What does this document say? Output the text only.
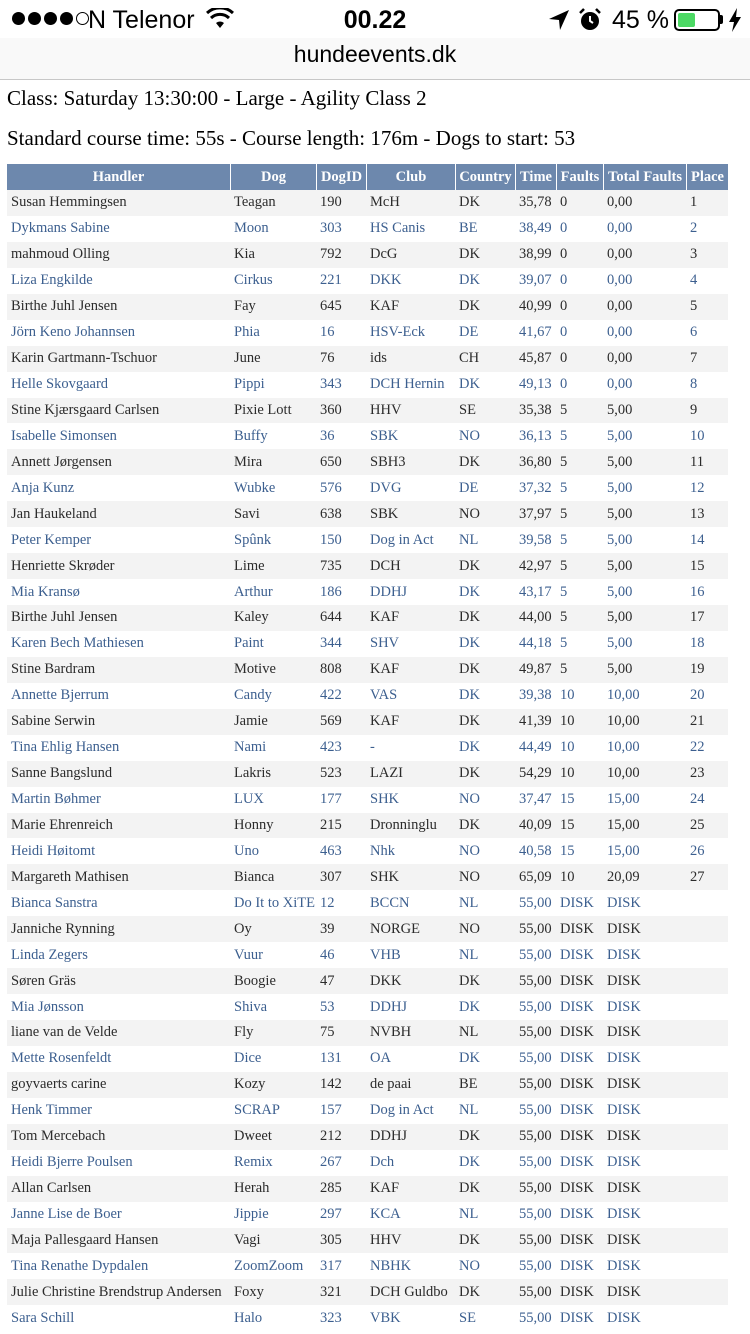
N Telenor	00.22	45 %
hundeevents.dk
Class: Saturday 13:30:00 - Large - Agility Class 2
Standard course time: 55s - Course length: 176m - Dogs to start: 53
Handler	Dog	DogID	Club	Country	Time	Faults	Total Faults	Place
Susan Hemmingsen	Teagan	190	McH	DK	35,78	0	0,00	1
Dykmans Sabine	Moon	303	HS Canis	BE	38,49	0	0,00	2
mahmoud Olling	Kia	792	DcG	DK	38,99	0	0,00	3
Liza Engkilde	Cirkus	221	DKK	DK	39,07	0	0,00	4
Birthe Juhl Jensen	Fay	645	KAF	DK	40,99	0	0,00	5
Jörn Keno Johannsen	Phia	16	HSV-Eck	DE	41,67	0	0,00	6
Karin Gartmann-Tschuor	June	76	ids	CH	45,87	0	0,00	7
Helle Skovgaard	Pippi	343	DCH Hernin	DK	49,13	0	0,00	8
Stine Kjærsgaard Carlsen	Pixie Lott	360	HHV	SE	35,38	5	5,00	9
Isabelle Simonsen	Buffy	36	SBK	NO	36,13	5	5,00	10
Annett Jørgensen	Mira	650	SBH3	DK	36,80	5	5,00	11
Anja Kunz	Wubke	576	DVG	DE	37,32	5	5,00	12
Jan Haukeland	Savi	638	SBK	NO	37,97	5	5,00	13
Peter Kemper	Spûnk	150	Dog in Act	NL	39,58	5	5,00	14
Henriette Skrøder	Lime	735	DCH	DK	42,97	5	5,00	15
Mia Kransø	Arthur	186	DDHJ	DK	43,17	5	5,00	16
Birthe Juhl Jensen	Kaley	644	KAF	DK	44,00	5	5,00	17
Karen Bech Mathiesen	Paint	344	SHV	DK	44,18	5	5,00	18
Stine Bardram	Motive	808	KAF	DK	49,87	5	5,00	19
Annette Bjerrum	Candy	422	VAS	DK	39,38	10	10,00	20
Sabine Serwin	Jamie	569	KAF	DK	41,39	10	10,00	21
Tina Ehlig Hansen	Nami	423	-	DK	44,49	10	10,00	22
Sanne Bangslund	Lakris	523	LAZI	DK	54,29	10	10,00	23
Martin Bøhmer	LUX	177	SHK	NO	37,47	15	15,00	24
Marie Ehrenreich	Honny	215	Dronninglu	DK	40,09	15	15,00	25
Heidi Høitomt	Uno	463	Nhk	NO	40,58	15	15,00	26
Margareth Mathisen	Bianca	307	SHK	NO	65,09	10	20,09	27
Bianca Sanstra	Do It to XiTE	12	BCCN	NL	55,00	DISK	DISK	
Janniche Rynning	Oy	39	NORGE	NO	55,00	DISK	DISK	
Linda Zegers	Vuur	46	VHB	NL	55,00	DISK	DISK	
Søren Gräs	Boogie	47	DKK	DK	55,00	DISK	DISK	
Mia Jønsson	Shiva	53	DDHJ	DK	55,00	DISK	DISK	
liane van de Velde	Fly	75	NVBH	NL	55,00	DISK	DISK	
Mette Rosenfeldt	Dice	131	OA	DK	55,00	DISK	DISK	
goyvaerts carine	Kozy	142	de paai	BE	55,00	DISK	DISK	
Henk Timmer	SCRAP	157	Dog in Act	NL	55,00	DISK	DISK	
Tom Mercebach	Dweet	212	DDHJ	DK	55,00	DISK	DISK	
Heidi Bjerre Poulsen	Remix	267	Dch	DK	55,00	DISK	DISK	
Allan Carlsen	Herah	285	KAF	DK	55,00	DISK	DISK	
Janne Lise de Boer	Jippie	297	KCA	NL	55,00	DISK	DISK	
Maja Pallesgaard Hansen	Vagi	305	HHV	DK	55,00	DISK	DISK	
Tina Renathe Dypdalen	ZoomZoom	317	NBHK	NO	55,00	DISK	DISK	
Julie Christine Brendstrup Andersen	Foxy	321	DCH Guldbo	DK	55,00	DISK	DISK	
Sara Schill	Halo	323	VBK	SE	55,00	DISK	DISK	
